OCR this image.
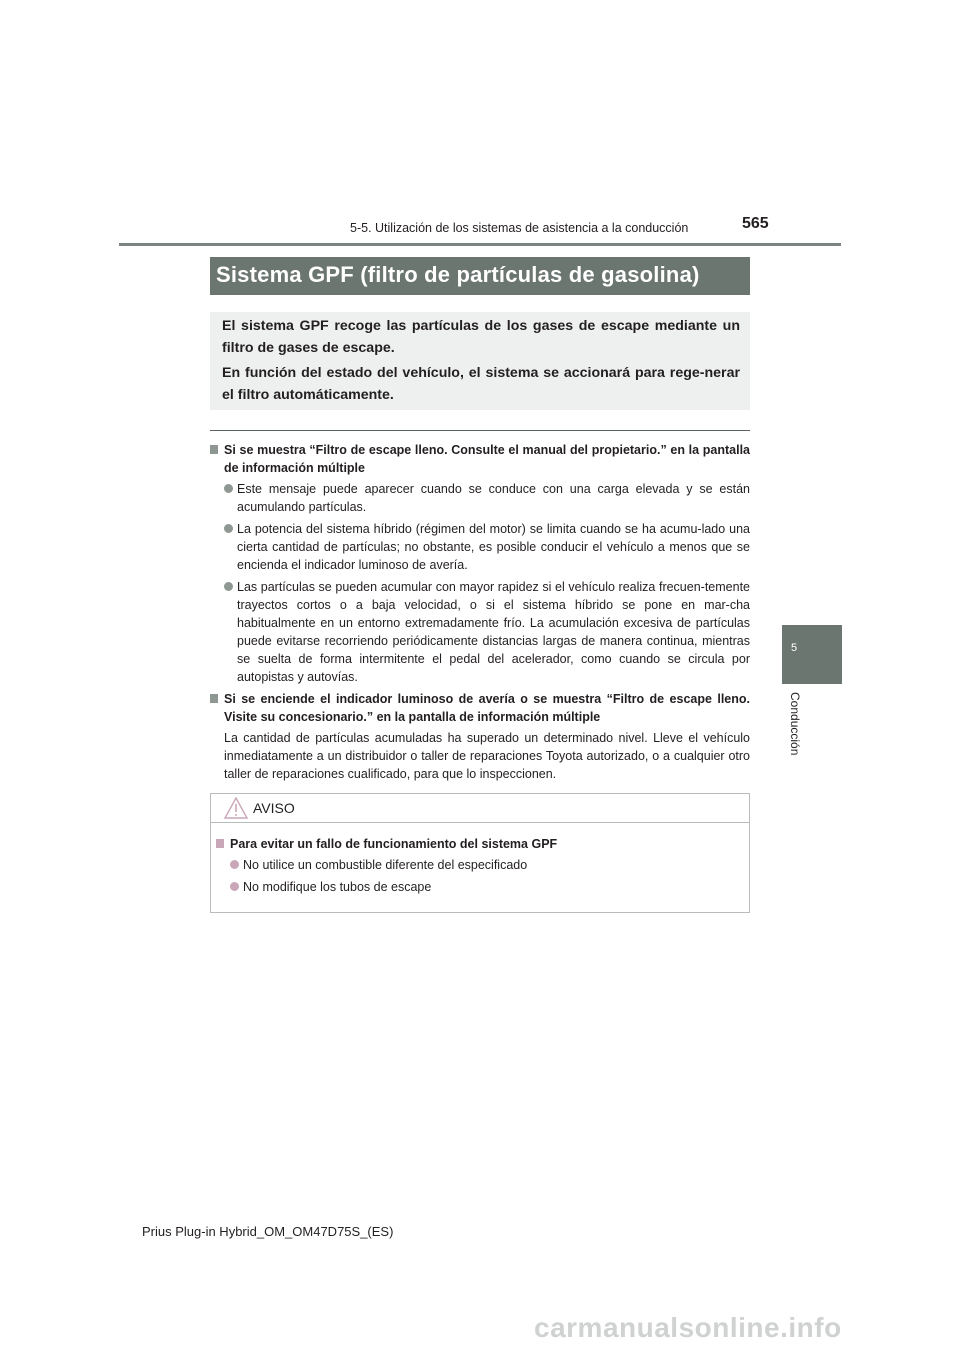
5-5. Utilización de los sistemas de asistencia a la conducción	565
5
Conducción
Sistema GPF (filtro de partículas de gasolina)
El sistema GPF recoge las partículas de los gases de escape mediante un filtro de gases de escape.
En función del estado del vehículo, el sistema se accionará para rege-nerar el filtro automáticamente.
Si se muestra “Filtro de escape lleno. Consulte el manual del propietario.” en la pantalla de información múltiple
Este mensaje puede aparecer cuando se conduce con una carga elevada y se están acumulando partículas.
La potencia del sistema híbrido (régimen del motor) se limita cuando se ha acumu-lado una cierta cantidad de partículas; no obstante, es posible conducir el vehículo a menos que se encienda el indicador luminoso de avería.
Las partículas se pueden acumular con mayor rapidez si el vehículo realiza frecuen-temente trayectos cortos o a baja velocidad, o si el sistema híbrido se pone en mar-cha habitualmente en un entorno extremadamente frío. La acumulación excesiva de partículas puede evitarse recorriendo periódicamente distancias largas de manera continua, mientras se suelta de forma intermitente el pedal del acelerador, como cuando se circula por autopistas y autovías.
Si se enciende el indicador luminoso de avería o se muestra “Filtro de escape lleno. Visite su concesionario.” en la pantalla de información múltiple
La cantidad de partículas acumuladas ha superado un determinado nivel. Lleve el vehículo inmediatamente a un distribuidor o taller de reparaciones Toyota autorizado, o a cualquier otro taller de reparaciones cualificado, para que lo inspeccionen.
AVISO
Para evitar un fallo de funcionamiento del sistema GPF
No utilice un combustible diferente del especificado
No modifique los tubos de escape
Prius Plug-in Hybrid_OM_OM47D75S_(ES)
carmanualsonline.info
